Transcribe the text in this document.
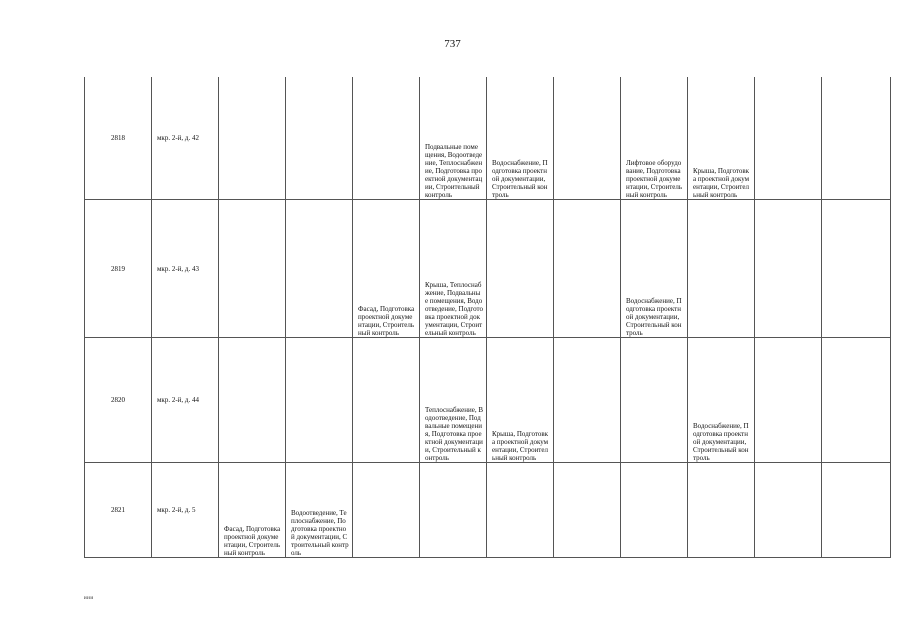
737
2818	мкр. 2-й, д. 42				Подвальные помещения, Водоотведение, Теплоснабжение, Подготовка проектной документации, Строительный контроль	Водоснабжение, Подготовка проектной документации, Строительный контроль		Лифтовое оборудование, Подготовка проектной документации, Строительный контроль	Крыша, Подготовка проектной документации, Строительный контроль		
2819	мкр. 2-й, д. 43			Фасад, Подготовка проектной документации, Строительный контроль	Крыша, Теплоснабжение, Подвальные помещения, Водоотведение, Подготовка проектной документации, Строительный контроль			Водоснабжение, Подготовка проектной документации, Строительный контроль			
2820	мкр. 2-й, д. 44				Теплоснабжение, Водоотведение, Подвальные помещения, Подготовка проектной документации, Строительный контроль	Крыша, Подготовка проектной документации, Строительный контроль			Водоснабжение, Подготовка проектной документации, Строительный контроль		
2821	мкр. 2-й, д. 5	Фасад, Подготовка проектной документации, Строительный контроль	Водоотведение, Теплоснабжение, Подготовка проектной документации, Строительный контроль								
иии
